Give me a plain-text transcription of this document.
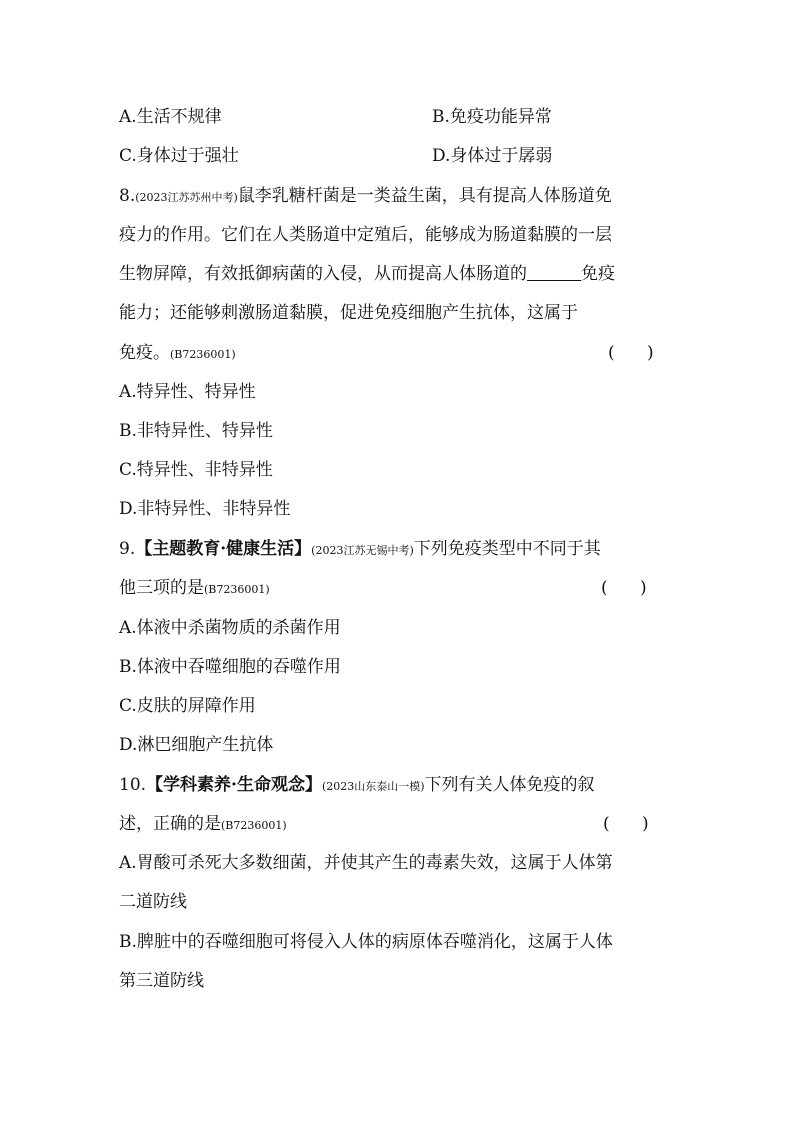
A.生活不规律	B.免疫功能异常
C.身体过于强壮	D.身体过于孱弱
8.(2023江苏苏州中考)鼠李乳糖杆菌是一类益生菌，具有提高人体肠道免
疫力的作用。它们在人类肠道中定殖后，能够成为肠道黏膜的一层
生物屏障，有效抵御病菌的入侵，从而提高人体肠道的	免疫
能力；还能够刺激肠道黏膜，促进免疫细胞产生抗体，这属于
免疫。(B7236001)	(      )
A.特异性、特异性
B.非特异性、特异性
C.特异性、非特异性
D.非特异性、非特异性
9.【主题教育·健康生活】(2023江苏无锡中考)下列免疫类型中不同于其
他三项的是(B7236001)	(      )
A.体液中杀菌物质的杀菌作用
B.体液中吞噬细胞的吞噬作用
C.皮肤的屏障作用
D.淋巴细胞产生抗体
10.【学科素养·生命观念】(2023山东泰山一模)下列有关人体免疫的叙
述，正确的是(B7236001)	(      )
A.胃酸可杀死大多数细菌，并使其产生的毒素失效，这属于人体第
二道防线
B.脾脏中的吞噬细胞可将侵入人体的病原体吞噬消化，这属于人体
第三道防线
